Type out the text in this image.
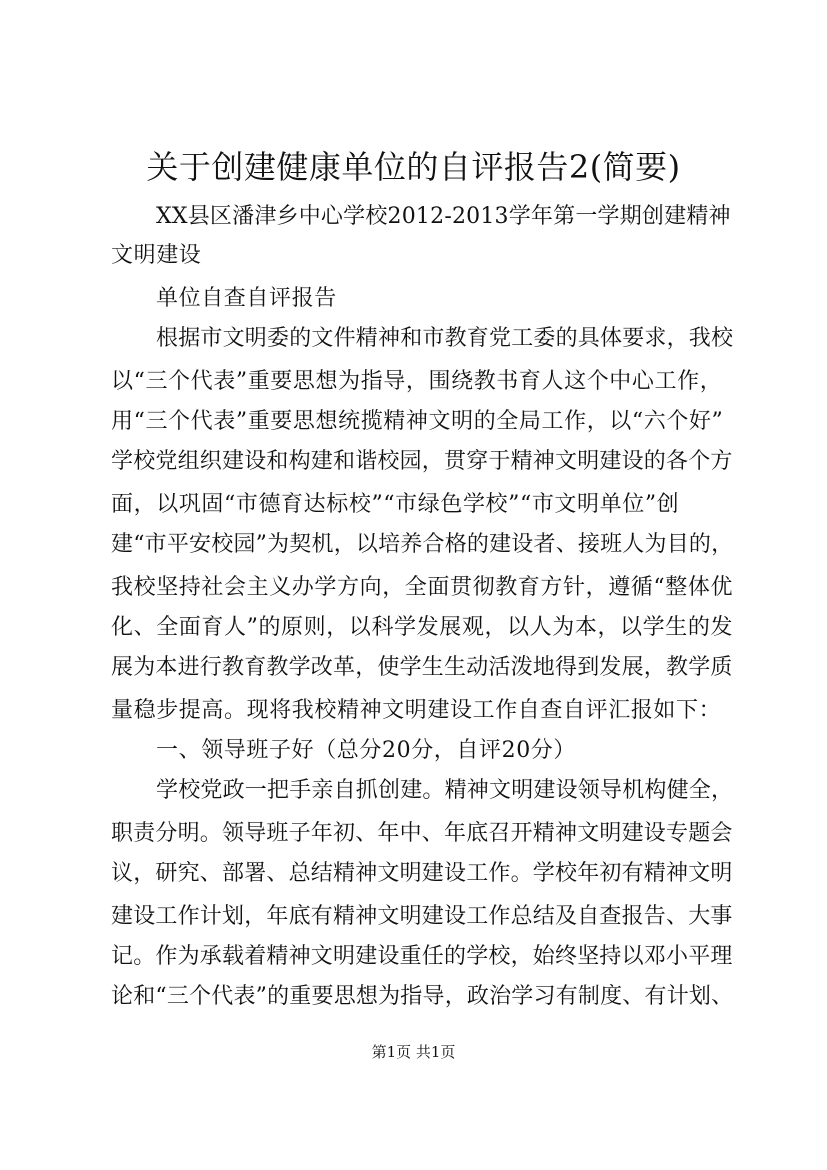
关于创建健康单位的自评报告2(简要)
XX县区潘津乡中心学校2012-2013学年第一学期创建精神
文明建设
单位自查自评报告
根据市文明委的文件精神和市教育党工委的具体要求，我校
以“三个代表”重要思想为指导，围绕教书育人这个中心工作，
用“三个代表”重要思想统揽精神文明的全局工作，以“六个好”
学校党组织建设和构建和谐校园，贯穿于精神文明建设的各个方
面，以巩固“市德育达标校”“市绿色学校”“市文明单位”创
建“市平安校园”为契机，以培养合格的建设者、接班人为目的，
我校坚持社会主义办学方向，全面贯彻教育方针，遵循“整体优
化、全面育人”的原则，以科学发展观，以人为本，以学生的发
展为本进行教育教学改革，使学生生动活泼地得到发展，教学质
量稳步提高。现将我校精神文明建设工作自查自评汇报如下：
一、领导班子好（总分20分，自评20分）
学校党政一把手亲自抓创建。精神文明建设领导机构健全，
职责分明。领导班子年初、年中、年底召开精神文明建设专题会
议，研究、部署、总结精神文明建设工作。学校年初有精神文明
建设工作计划，年底有精神文明建设工作总结及自查报告、大事
记。作为承载着精神文明建设重任的学校，始终坚持以邓小平理
论和“三个代表”的重要思想为指导，政治学习有制度、有计划、
第1页 共1页
